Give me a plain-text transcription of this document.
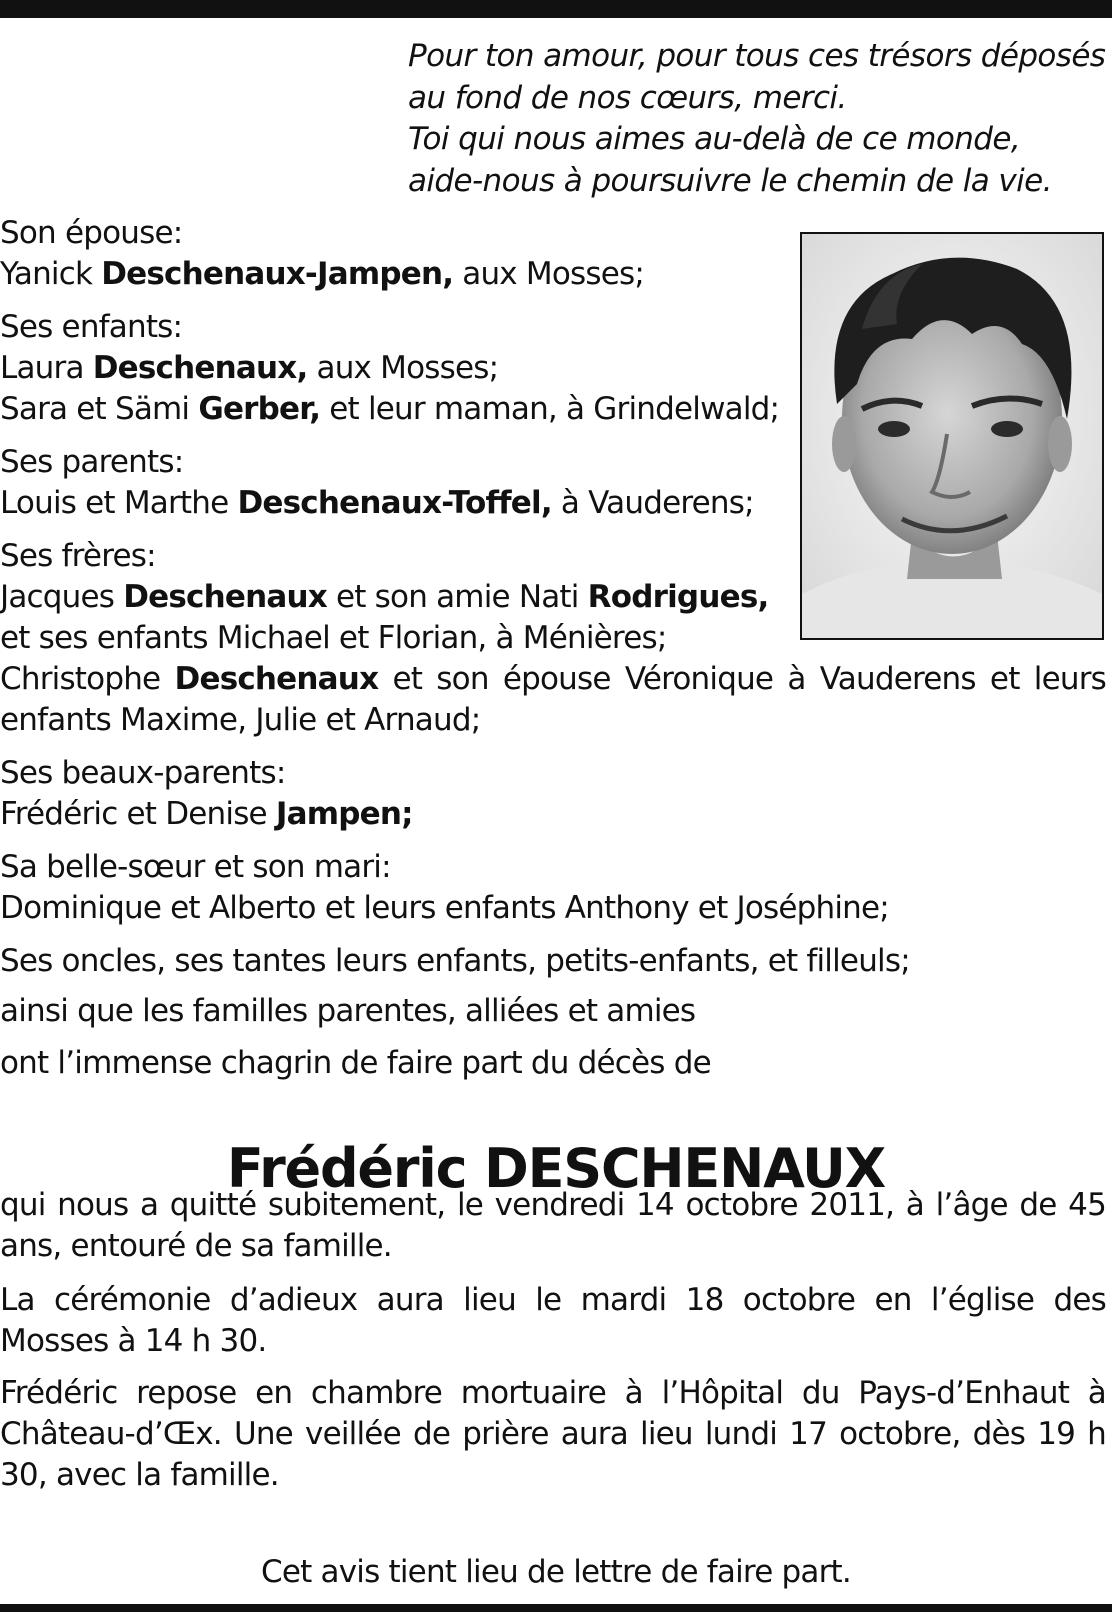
Pour ton amour, pour tous ces trésors déposés
au fond de nos cœurs, merci.
Toi qui nous aimes au-delà de ce monde,
aide-nous à poursuivre le chemin de la vie.
Son épouse:
Yanick Deschenaux-Jampen, aux Mosses;
Ses enfants:
Laura Deschenaux, aux Mosses;
Sara et Sämi Gerber, et leur maman, à Grindelwald;
Ses parents:
Louis et Marthe Deschenaux-Toffel, à Vauderens;
Ses frères:
Jacques Deschenaux et son amie Nati Rodrigues,
et ses enfants Michael et Florian, à Ménières;
Christophe Deschenaux et son épouse Véronique à Vauderens et leurs enfants Maxime, Julie et Arnaud;
Ses beaux-parents:
Frédéric et Denise Jampen;
Sa belle-sœur et son mari:
Dominique et Alberto et leurs enfants Anthony et Joséphine;
Ses oncles, ses tantes leurs enfants, petits-enfants, et filleuls;
ainsi que les familles parentes, alliées et amies
ont l’immense chagrin de faire part du décès de
Frédéric DESCHENAUX
qui nous a quitté subitement, le vendredi 14 octobre 2011, à l’âge de 45 ans, entouré de sa famille.
La cérémonie d’adieux aura lieu le mardi 18 octobre en l’église des Mosses à 14 h 30.
Frédéric repose en chambre mortuaire à l’Hôpital du Pays-d’Enhaut à Château-d’Œx. Une veillée de prière aura lieu lundi 17 octobre, dès 19 h 30, avec la famille.
Cet avis tient lieu de lettre de faire part.
